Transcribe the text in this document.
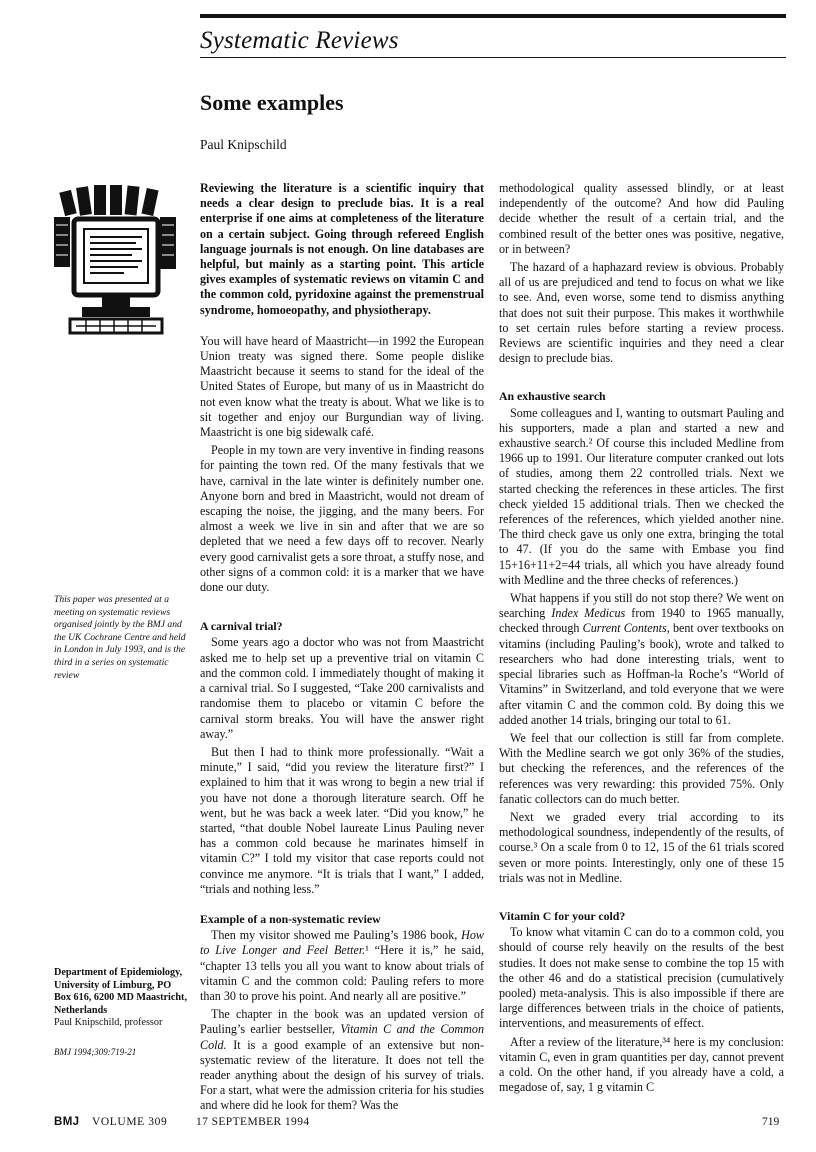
Systematic Reviews
Some examples
Paul Knipschild
This paper was presented at a meeting on systematic reviews organised jointly by the BMJ and the UK Cochrane Centre and held in London in July 1993, and is the third in a series on systematic review
Department of Epidemiology, University of Limburg, PO Box 616, 6200 MD Maastricht, Netherlands
Paul Knipschild, professor
BMJ 1994;309:719-21

Reviewing the literature is a scientific inquiry that needs a clear design to preclude bias. It is a real enterprise if one aims at completeness of the literature on a certain subject. Going through refereed English language journals is not enough. On line databases are helpful, but mainly as a starting point. This article gives examples of systematic reviews on vitamin C and the common cold, pyridoxine against the premenstrual syndrome, homoeopathy, and physiotherapy.

You will have heard of Maastricht—in 1992 the European Union treaty was signed there. Some people dislike Maastricht because it seems to stand for the ideal of the United States of Europe, but many of us in Maastricht do not even know what the treaty is about. What we like is to sit together and enjoy our Burgundian way of living. Maastricht is one big sidewalk café.

People in my town are very inventive in finding reasons for painting the town red. Of the many festivals that we have, carnival in the late winter is definitely number one. Anyone born and bred in Maastricht, would not dream of escaping the noise, the jigging, and the many beers. For almost a week we live in sin and after that we are so depleted that we need a few days off to recover. Nearly every good carnivalist gets a sore throat, a stuffy nose, and other signs of a common cold: it is a marker that we have done our duty.

A carnival trial?

Some years ago a doctor who was not from Maastricht asked me to help set up a preventive trial on vitamin C and the common cold. I immediately thought of making it a carnival trial. So I suggested, “Take 200 carnivalists and randomise them to placebo or vitamin C before the carnival storm breaks. You will have the answer right away.”

But then I had to think more professionally. “Wait a minute,” I said, “did you review the literature first?” I explained to him that it was wrong to begin a new trial if you have not done a thorough literature search. Off he went, but he was back a week later. “Did you know,” he started, “that double Nobel laureate Linus Pauling never has a common cold because he marinates himself in vitamin C?” I told my visitor that case reports could not convince me anymore. “It is trials that I want,” I added, “trials and nothing less.”

Example of a non-systematic review

Then my visitor showed me Pauling’s 1986 book, How to Live Longer and Feel Better.¹ “Here it is,” he said, “chapter 13 tells you all you want to know about trials of vitamin C and the common cold: Pauling refers to more than 30 to prove his point. And nearly all are positive.”

The chapter in the book was an updated version of Pauling’s earlier bestseller, Vitamin C and the Common Cold. It is a good example of an extensive but non-systematic review of the literature. It does not tell the reader anything about the design of his survey of trials. For a start, what were the admission criteria for his studies and where did he look for them? Was the

methodological quality assessed blindly, or at least independently of the outcome? And how did Pauling decide whether the result of a certain trial, and the combined result of the better ones was positive, negative, or in between?

The hazard of a haphazard review is obvious. Probably all of us are prejudiced and tend to focus on what we like to see. And, even worse, some tend to dismiss anything that does not suit their purpose. This makes it worthwhile to set certain rules before starting a review process. Reviews are scientific inquiries and they need a clear design to preclude bias.

An exhaustive search

Some colleagues and I, wanting to outsmart Pauling and his supporters, made a plan and started a new and exhaustive search.² Of course this included Medline from 1966 up to 1991. Our literature computer cranked out lots of studies, among them 22 controlled trials. Next we started checking the references in these articles. The first check yielded 15 additional trials. Then we checked the references of the references, which yielded another nine. The third check gave us only one extra, bringing the total to 47. (If you do the same with Embase you find 15+16+11+2=44 trials, all which you have already found with Medline and the three checks of references.)

What happens if you still do not stop there? We went on searching Index Medicus from 1940 to 1965 manually, checked through Current Contents, bent over textbooks on vitamins (including Pauling’s book), wrote and talked to researchers who had done interesting trials, went to special libraries such as Hoffman-la Roche’s “World of Vitamins” in Switzerland, and told everyone that we were after vitamin C and the common cold. By doing this we added another 14 trials, bringing our total to 61.

We feel that our collection is still far from complete. With the Medline search we got only 36% of the studies, but checking the references, and the references of the references was very rewarding: this provided 75%. Only fanatic collectors can do much better.

Next we graded every trial according to its methodological soundness, independently of the results, of course.³ On a scale from 0 to 12, 15 of the 61 trials scored seven or more points. Interestingly, only one of these 15 trials was not in Medline.

Vitamin C for your cold?

To know what vitamin C can do to a common cold, you should of course rely heavily on the results of the best studies. It does not make sense to combine the top 15 with the other 46 and do a statistical precision (cumulatively pooled) meta-analysis. This is also impossible if there are large differences between trials in the choice of patients, interventions, and measurements of effect.

After a review of the literature,³⁴ here is my conclusion: vitamin C, even in gram quantities per day, cannot prevent a cold. On the other hand, if you already have a cold, a megadose of, say, 1 g vitamin C

BMJ VOLUME 309 17 SEPTEMBER 1994	719
